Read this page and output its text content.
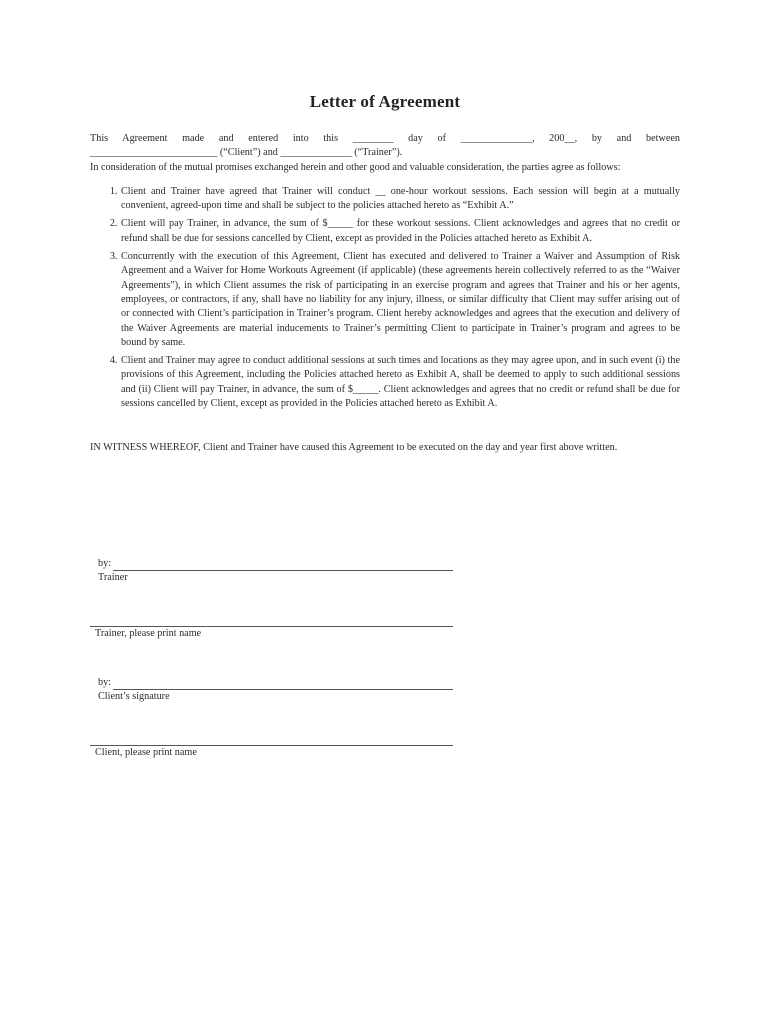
Letter of Agreement

This Agreement made and entered into this ________ day of ______________, 200__, by and between

_________________________ (“Client”) and ______________ (“Trainer”).

In consideration of the mutual promises exchanged herein and other good and valuable consideration, the parties agree as follows:

1. Client and Trainer have agreed that Trainer will conduct __ one-hour workout sessions. Each session will begin at a mutually convenient, agreed-upon time and shall be subject to the policies attached hereto as “Exhibit A.”
2. Client will pay Trainer, in advance, the sum of $_____ for these workout sessions. Client acknowledges and agrees that no credit or refund shall be due for sessions cancelled by Client, except as provided in the Policies attached hereto as Exhibit A.
3. Concurrently with the execution of this Agreement, Client has executed and delivered to Trainer a Waiver and Assumption of Risk Agreement and a Waiver for Home Workouts Agreement (if applicable) (these agreements herein collectively referred to as the “Waiver Agreements”), in which Client assumes the risk of participating in an exercise program and agrees that Trainer and his or her agents, employees, or contractors, if any, shall have no liability for any injury, illness, or similar difficulty that Client may suffer arising out of or connected with Client’s participation in Trainer’s program. Client hereby acknowledges and agrees that the execution and delivery of the Waiver Agreements are material inducements to Trainer’s permitting Client to participate in Trainer’s program and agrees to be bound by same.
4. Client and Trainer may agree to conduct additional sessions at such times and locations as they may agree upon, and in such event (i) the provisions of this Agreement, including the Policies attached hereto as Exhibit A, shall be deemed to apply to such additional sessions and (ii) Client will pay Trainer, in advance, the sum of $_____. Client acknowledges and agrees that no credit or refund shall be due for sessions cancelled by Client, except as provided in the Policies attached hereto as Exhibit A.

IN WITNESS WHEREOF, Client and Trainer have caused this Agreement to be executed on the day and year first above written.

by:
Trainer
Trainer, please print name
by:
Client’s signature
Client, please print name
